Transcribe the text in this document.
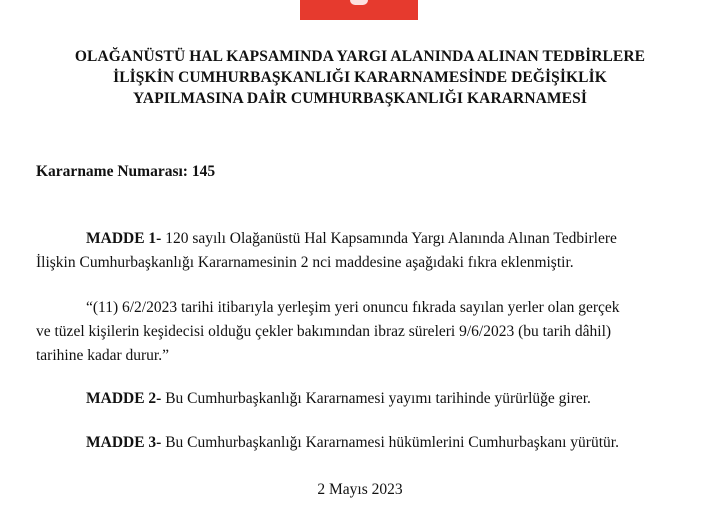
OLAĞANÜSTÜ HAL KAPSAMINDA YARGI ALANINDA ALINAN TEDBİRLERE
İLİŞKİN CUMHURBAŞKANLIĞI KARARNAMESİNDE DEĞİŞİKLİK
YAPILMASINA DAİR CUMHURBAŞKANLIĞI KARARNAMESİ
Kararname Numarası: 145
MADDE 1- 120 sayılı Olağanüstü Hal Kapsamında Yargı Alanında Alınan Tedbirlere
İlişkin Cumhurbaşkanlığı Kararnamesinin 2 nci maddesine aşağıdaki fıkra eklenmiştir.
“(11) 6/2/2023 tarihi itibarıyla yerleşim yeri onuncu fıkrada sayılan yerler olan gerçek
ve tüzel kişilerin keşidecisi olduğu çekler bakımından ibraz süreleri 9/6/2023 (bu tarih dâhil)
tarihine kadar durur.”
MADDE 2- Bu Cumhurbaşkanlığı Kararnamesi yayımı tarihinde yürürlüğe girer.
MADDE 3- Bu Cumhurbaşkanlığı Kararnamesi hükümlerini Cumhurbaşkanı yürütür.
2 Mayıs 2023
